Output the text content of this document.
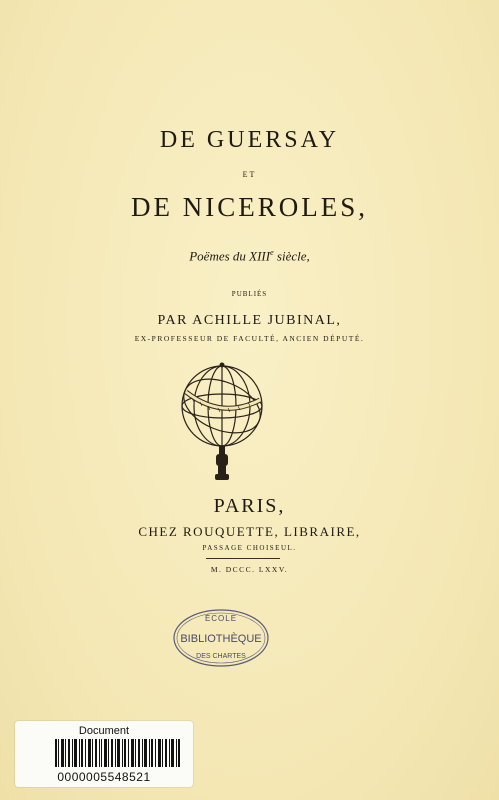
DE GUERSAY
ET
DE NICEROLES,
Poëmes du XIIIe siècle,
PUBLIÉS
PAR ACHILLE JUBINAL,
EX-PROFESSEUR DE FACULTÉ, ANCIEN DÉPUTÉ.
PARIS,
CHEZ ROUQUETTE, LIBRAIRE,
PASSAGE CHOISEUL.
M. DCCC. LXXV.
ÉCOLE
BIBLIOTHÈQUE
DES CHARTES
Document
0000005548521
